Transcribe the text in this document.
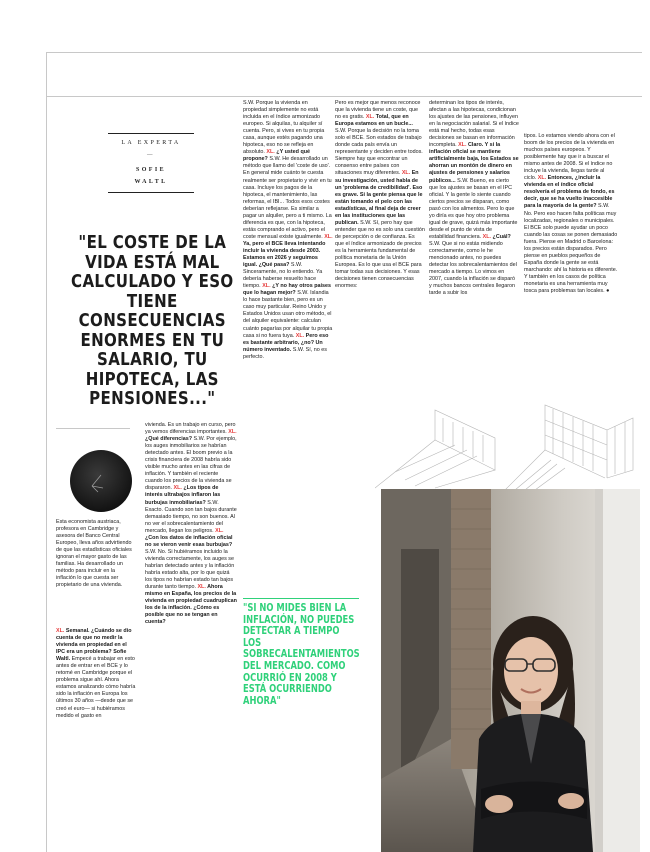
LA EXPERTA
—
SOFIE
WALTL
"EL COSTE DE LA VIDA ESTÁ MAL CALCULADO Y ESO TIENE CONSECUENCIAS ENORMES EN TU SALARIO, TU HIPOTECA, LAS PENSIONES..."
Esta economista austriaca, profesora en Cambridge y asesora del Banco Central Europeo, lleva años advirtiendo de que las estadísticas oficiales ignoran el mayor gasto de las familias. Ha desarrollado un método para incluir en la inflación lo que cuesta ser propietario de una vivienda.
XL. Semanal. ¿Cuándo se dio cuenta de que no medir la vivienda en propiedad en el IPC era un problema? Sofie Waltl. Empecé a trabajar en esto antes de entrar en el BCE y lo retomé en Cambridge porque el problema sigue ahí. Ahora estamos analizando cómo habría sido la inflación en Europa los últimos 30 años —desde que se creó el euro— si hubiéramos medido el gasto en
vivienda. Es un trabajo en curso, pero ya vemos diferencias importantes. XL. ¿Qué diferencias? S.W. Por ejemplo, los auges inmobiliarios se habrían detectado antes. El boom previo a la crisis financiera de 2008 habría sido visible mucho antes en las cifras de inflación. Y también el reciente cuando los precios de la vivienda se dispararon. XL. ¿Los tipos de interés ultrabajos inflaron las burbujas inmobiliarias? S.W. Exacto. Cuando son tan bajos durante demasiado tiempo, no son buenos. Al no ver el sobrecalentamiento del mercado, llegan los peligros. XL. ¿Con los datos de inflación oficial no se vieron venir esas burbujas? S.W. No. Si hubiéramos incluido la vivienda correctamente, los auges se habrían detectado antes y la inflación habría estado alta, por lo que quizá los tipos no habrían estado tan bajos durante tanto tiempo. XL. Ahora mismo en España, los precios de la vivienda en propiedad cuadruplican los de la inflación. ¿Cómo es posible que no se tengan en cuenta?
S.W. Porque la vivienda en propiedad simplemente no está incluida en el índice armonizado europeo. Si alquilas, tu alquiler sí cuenta. Pero, si vives en tu propia casa, aunque estés pagando una hipoteca, eso no se refleja en absoluto. XL. ¿Y usted qué propone? S.W. He desarrollado un método que llamo del 'coste de uso'. En general mide cuánto te cuesta realmente ser propietario y vivir en tu casa. Incluye los pagos de la hipoteca, el mantenimiento, las reformas, el IBI... Todos esos costes deberían reflejarse. Es similar a pagar un alquiler, pero a ti mismo. La diferencia es que, con la hipoteca, estás comprando el activo, pero el coste mensual existe igualmente. XL. Ya, pero el BCE lleva intentando incluir la vivienda desde 2003. Estamos en 2026 y seguimos igual. ¿Qué pasa? S.W. Sinceramente, no lo entiendo. Ya debería haberse resuelto hace tiempo. XL. ¿Y no hay otros países que lo hagan mejor? S.W. Islandia lo hace bastante bien, pero es un caso muy particular. Reino Unido y Estados Unidos usan otro método, el del alquiler equivalente: calculan cuánto pagarías por alquilar tu propia casa si no fuera tuya. XL. Pero eso es bastante arbitrario, ¿no? Un número inventado. S.W. Sí, no es perfecto.
Pero es mejor que menos reconoce que la vivienda tiene un coste, que no es gratis. XL. Total, que en Europa estamos en un bucle... S.W. Porque la decisión no la toma solo el BCE. Son estados de trabajo donde cada país envía un representante y deciden entre todos. Siempre hay que encontrar un consenso entre países con situaciones muy diferentes. XL. En su investigación, usted habla de un 'problema de credibilidad'. Eso es grave. Si la gente piensa que le están tomando el pelo con las estadísticas, al final deja de creer en las instituciones que las publican. S.W. Sí, pero hay que entender que no es solo una cuestión de percepción o de confianza. Es que el índice armonizado de precios es la herramienta fundamental de política monetaria de la Unión Europea. Es lo que usa el BCE para tomar todas sus decisiones. Y esas decisiones tienen consecuencias enormes:
determinan los tipos de interés, afectan a las hipotecas, condicionan los ajustes de las pensiones, influyen en la negociación salarial. Si el índice está mal hecho, todas esas decisiones se basan en información incompleta. XL. Claro. Y si la inflación oficial se mantiene artificialmente baja, los Estados se ahorran un montón de dinero en ajustes de pensiones y salarios públicos... S.W. Bueno, es cierto que los ajustes se basan en el IPC oficial. Y la gente lo siente cuando ciertos precios se disparan, como pasó con los alimentos. Pero lo que yo diría es que hoy otro problema igual de grave, quizá más importante desde el punto de vista de estabilidad financiera. XL. ¿Cuál? S.W. Que si no estás midiendo correctamente, como le he mencionado antes, no puedes detectar los sobrecalentamientos del mercado a tiempo. Lo vimos en 2007, cuando la inflación se disparó y muchos bancos centrales llegaron tarde a subir los
tipos. Lo estamos viendo ahora con el boom de los precios de la vivienda en muchos países europeos. Y posiblemente hay que ir a buscar el mismo antes de 2008. Si el índice no incluye la vivienda, llegas tarde al ciclo. XL. Entonces, ¿incluir la vivienda en el índice oficial resolvería el problema de fondo, es decir, que se ha vuelto inaccesible para la mayoría de la gente? S.W. No. Pero eso hacen falta políticas muy localizadas, regionales o municipales. El BCE solo puede ayudar un poco cuando las cosas se ponen demasiado fuera. Piense en Madrid o Barcelona: los precios están disparados. Pero piense en pueblos pequeños de España donde la gente se está marchando: ahí la historia es diferente. Y también en los casos de política monetaria es una herramienta muy tosca para problemas tan locales. ●
"SI NO MIDES BIEN LA INFLACIÓN, NO PUEDES DETECTAR A TIEMPO LOS SOBRECALENTAMIENTOS DEL MERCADO. COMO OCURRIÓ EN 2008 Y ESTÁ OCURRIENDO AHORA"
